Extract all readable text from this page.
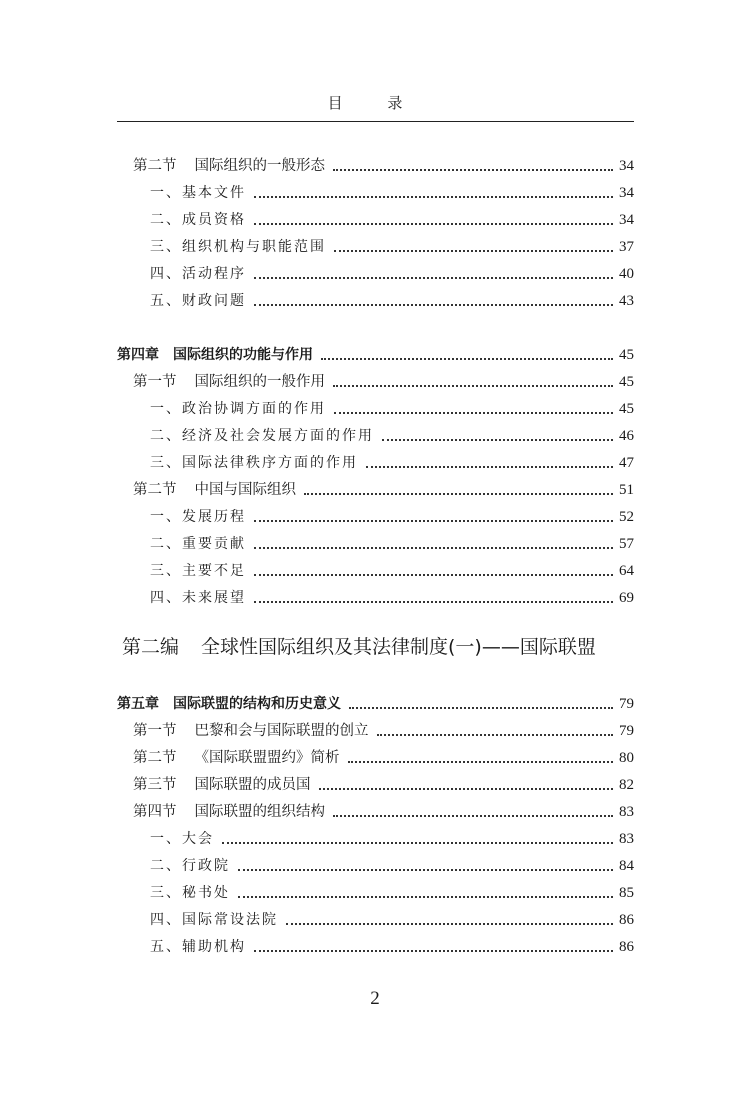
目 录
第二节 国际组织的一般形态	34
一、基本文件	34
二、成员资格	34
三、组织机构与职能范围	37
四、活动程序	40
五、财政问题	43
第四章 国际组织的功能与作用	45
第一节 国际组织的一般作用	45
一、政治协调方面的作用	45
二、经济及社会发展方面的作用	46
三、国际法律秩序方面的作用	47
第二节 中国与国际组织	51
一、发展历程	52
二、重要贡献	57
三、主要不足	64
四、未来展望	69
第五章 国际联盟的结构和历史意义	79
第一节 巴黎和会与国际联盟的创立	79
第二节 《国际联盟盟约》简析	80
第三节 国际联盟的成员国	82
第四节 国际联盟的组织结构	83
一、大会	83
二、行政院	84
三、秘书处	85
四、国际常设法院	86
五、辅助机构	86
第二编 全球性国际组织及其法律制度(一)——国际联盟
2
